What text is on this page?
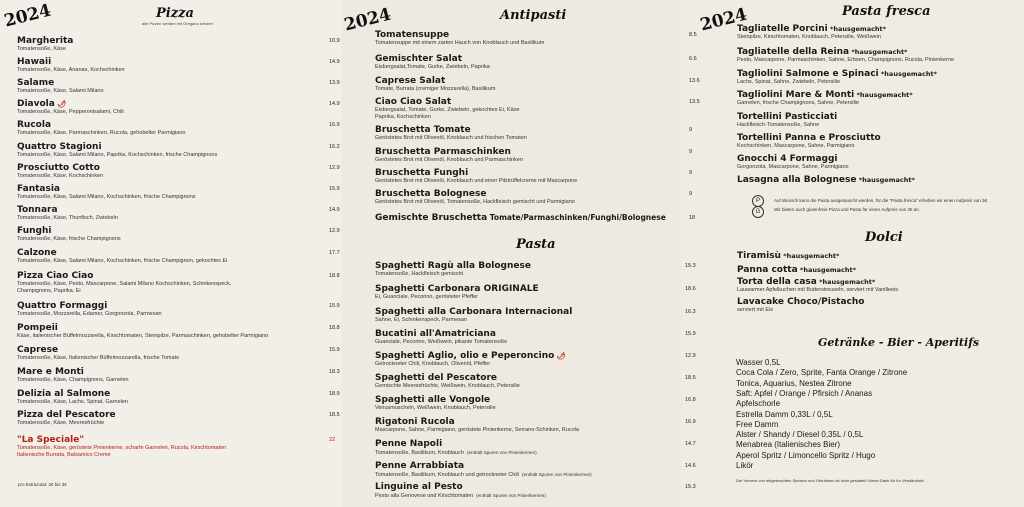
2024	Pizza
alle Pizzen werden mit Oregano serviert
Margherita
Tomatensoße, Käse
10.9
Hawaii
Tomatensoße, Käse, Ananas, Kochschinken
14.9
Salame
Tomatensoße, Käse, Salami Milano
13.9
Diavola 🌶
Tomatensoße, Käse, Pepperonisalami, Chili
14.9
Rucola
Tomatensoße, Käse, Parmaschinken, Rucola, gehobelter Parmigiano
16.9
Quattro Stagioni
Tomatensoße, Käse, Salami Milano, Paprika, Kochschinken, frische Champignons
16.2
Prosciutto Cotto
Tomatensoße, Käse, Kochschinken
12.9
Fantasia
Tomatensoße, Käse, Salami Milano, Kochschinken, frische Champignons
15.9
Tonnara
Tomatensoße, Käse, Thunfisch, Zwiebeln
14.9
Funghi
Tomatensoße, Käse, frische Champignons
12.9
Calzone
Tomatensoße, Käse, Salami Milano, Kochschinken, frische Champignon, gekochtes Ei
17.7
Pizza Ciao Ciao
Tomatensoße, Käse, Pesto, Mascarpone, Salami Milano Kochschinken, Schinkenspeck,
Champignons, Paprika, Ei
18.8
Quattro Formaggi
Tomatensoße, Mozzarella, Edamer, Gorgonzola, Parmesan
15.9
Pompeii
Käse, italienischer Büffelmozzarella, Kirschtomaten, Steinpilze, Parmaschinken, gehobelter Parmigiano
18.8
Caprese
Tomatensoße, Käse, Italienischer Büffelmozzarella, frische Tomate
15.9
Mare e Monti
Tomatensoße, Käse, Champignons, Garnelen
18.3
Delizia al Salmone
Tomatensoße, Käse, Lachs, Spinat, Garnelen
18.9
Pizza del Pescatore
Tomatensoße, Käse, Meeresfrüchte
18.5
"La Speciale"
Tomatensoße, Käse, geröstete Pinienkerne, scharfe Garnelen, Rucola, Kirschtomaten
Italienische Burrata, Balsamico Creme
22
pro Extrazutat: 2€ bis 3€
2024	Antipasti
Tomatensuppe
Tomatensuppe mit einem zarten Hauch von Knoblauch und Basilikum
8.5
Gemischter Salat
Eisbergsalat,Tomate, Gurke, Zwiebeln, Paprika
6.6
Caprese Salat
Tomate, Burrata (cremiger Mozzarella), Basilikum
13.6
Ciao Ciao Salat
Eisbergsalat, Tomate, Gurke, Zwiebeln, gekochtes Ei, Käse
Paprika, Kochschinken
13.5
Bruschetta Tomate
Geröstetes Brot mit Olivenöl, Knoblauch und frischen Tomaten
9
Bruschetta Parmaschinken
Geröstetes Brot mit Olivenöl, Knoblauch und Parmaschinken
9
Bruschetta Funghi
Geröstetes Brot mit Olivenöl, Knoblauch und einer Pilztrüffelcreme mit Mascarpone
9
Bruschetta Bolognese
Geröstetes Brot mit Olivenöl, Tomatensoße, Hackfleisch gemischt und Parmigiano
9
Gemischte Bruschetta Tomate/Parmaschinken/Funghi/Bolognese	18
Pasta
Spaghetti Ragù alla Bolognese
Tomatensoße, Hackfleisch gemischt
15.3
Spaghetti Carbonara ORIGINALE
Ei, Guanciale, Pecorino, gerösteter Pfeffer
18.6
Spaghetti alla Carbonara Internacional
Sahne, Ei, Schinkenspeck, Parmesan
16.3
Bucatini all'Amatriciana
Guanciale, Pecorino, Weißwein, pikante Tomatensoße
15.9
Spaghetti Aglio, olio e Peperoncino 🌶
Getrockneter Chili, Knoblauch, Olivenöl, Pfeffer
12.9
Spaghetti del Pescatore
Gemischte Meeresfrüchte, Weißwein, Knoblauch, Petersilie
18.5
Spaghetti alle Vongole
Venusmuscheln, Weißwein, Knoblauch, Petersilie
16.8
Rigatoni Rucola
Mascarpone, Sahne, Parmigiano, geröstete Pinienkerne, Serrano-Schinken, Rucola
16.9
Penne Napoli
Tomatensoße, Basilikum, Knoblauch (enthält Spuren von Pinienkernen)
14.7
Penne Arrabbiata
Tomatensoße, Basilikum, Knoblauch und getrockneter Chili (enthält Spuren von Pinienkernen)
14.6
Linguine al Pesto
Pesto alla Genovese und Kirschtomaten (enthält Spuren von Pinienkernen)
15.3
2024	Pasta fresca
Tagliatelle Porcini *hausgemacht*
Steinpilze, Kirschtomaten, Knoblauch, Petersilie, Weißwein
Tagliatelle della Reina *hausgemacht*
Pesto, Mascarpone, Parmaschinken, Sahne, Erbsen, Champignons, Rucola, Pinienkerne
Tagliolini Salmone e Spinaci *hausgemacht*
Lachs, Spinat, Sahne, Zwiebeln, Petersilie
Tagliolini Mare & Monti *hausgemacht*
Garnelen, frische Champignons, Sahne, Petersilie
Tortellini Pasticciati
Hackfleisch-Tomatensoße, Sahne
Tortellini Panna e Prosciutto
Kochschinken, Mascarpone, Sahne, Parmigiano
Gnocchi 4 Formaggi
Gorgonzola, Mascarpone, Sahne, Parmigiano
Lasagna alla Bolognese *hausgemacht*
P
G
Auf Wunsch kann die Pasta ausgetauscht werden, für die "Pasta fresca" erheben wir einen Aufpreis von 3€.
Wir bieten auch glutenfreie Pizza und Pasta für einen Aufpreis von 3€ an.
Dolci
Tiramisù *hausgemacht*
Panna cotta *hausgemacht*
Torta della casa *hausgemacht*
Lauwarmer Apfelkuchen mit Butterstreuseln, serviert mit Vanilleeis
Lavacake Choco/Pistacho
serviert mit Eis
Getränke - Bier - Aperitifs
Wasser 0,5L
Coca Cola / Zero, Sprite, Fanta Orange / Zitrone
Tonica, Aquarius, Nestea Zitrone
Saft: Apfel / Orange / Pfirsich / Ananas
Apfelschorle
Estrella Damm 0,33L / 0,5L
Free Damm
Alster / Shandy / Diesel 0,35L / 0,5L
Menabrea (Italienisches Bier)
Aperol Spritz / Limoncello Spritz / Hugo
Likör
Der Verzehr von mitgebrachten Speisen und Getränken ist nicht gestattet! Vielen Dank für Ihr Verständnis!
